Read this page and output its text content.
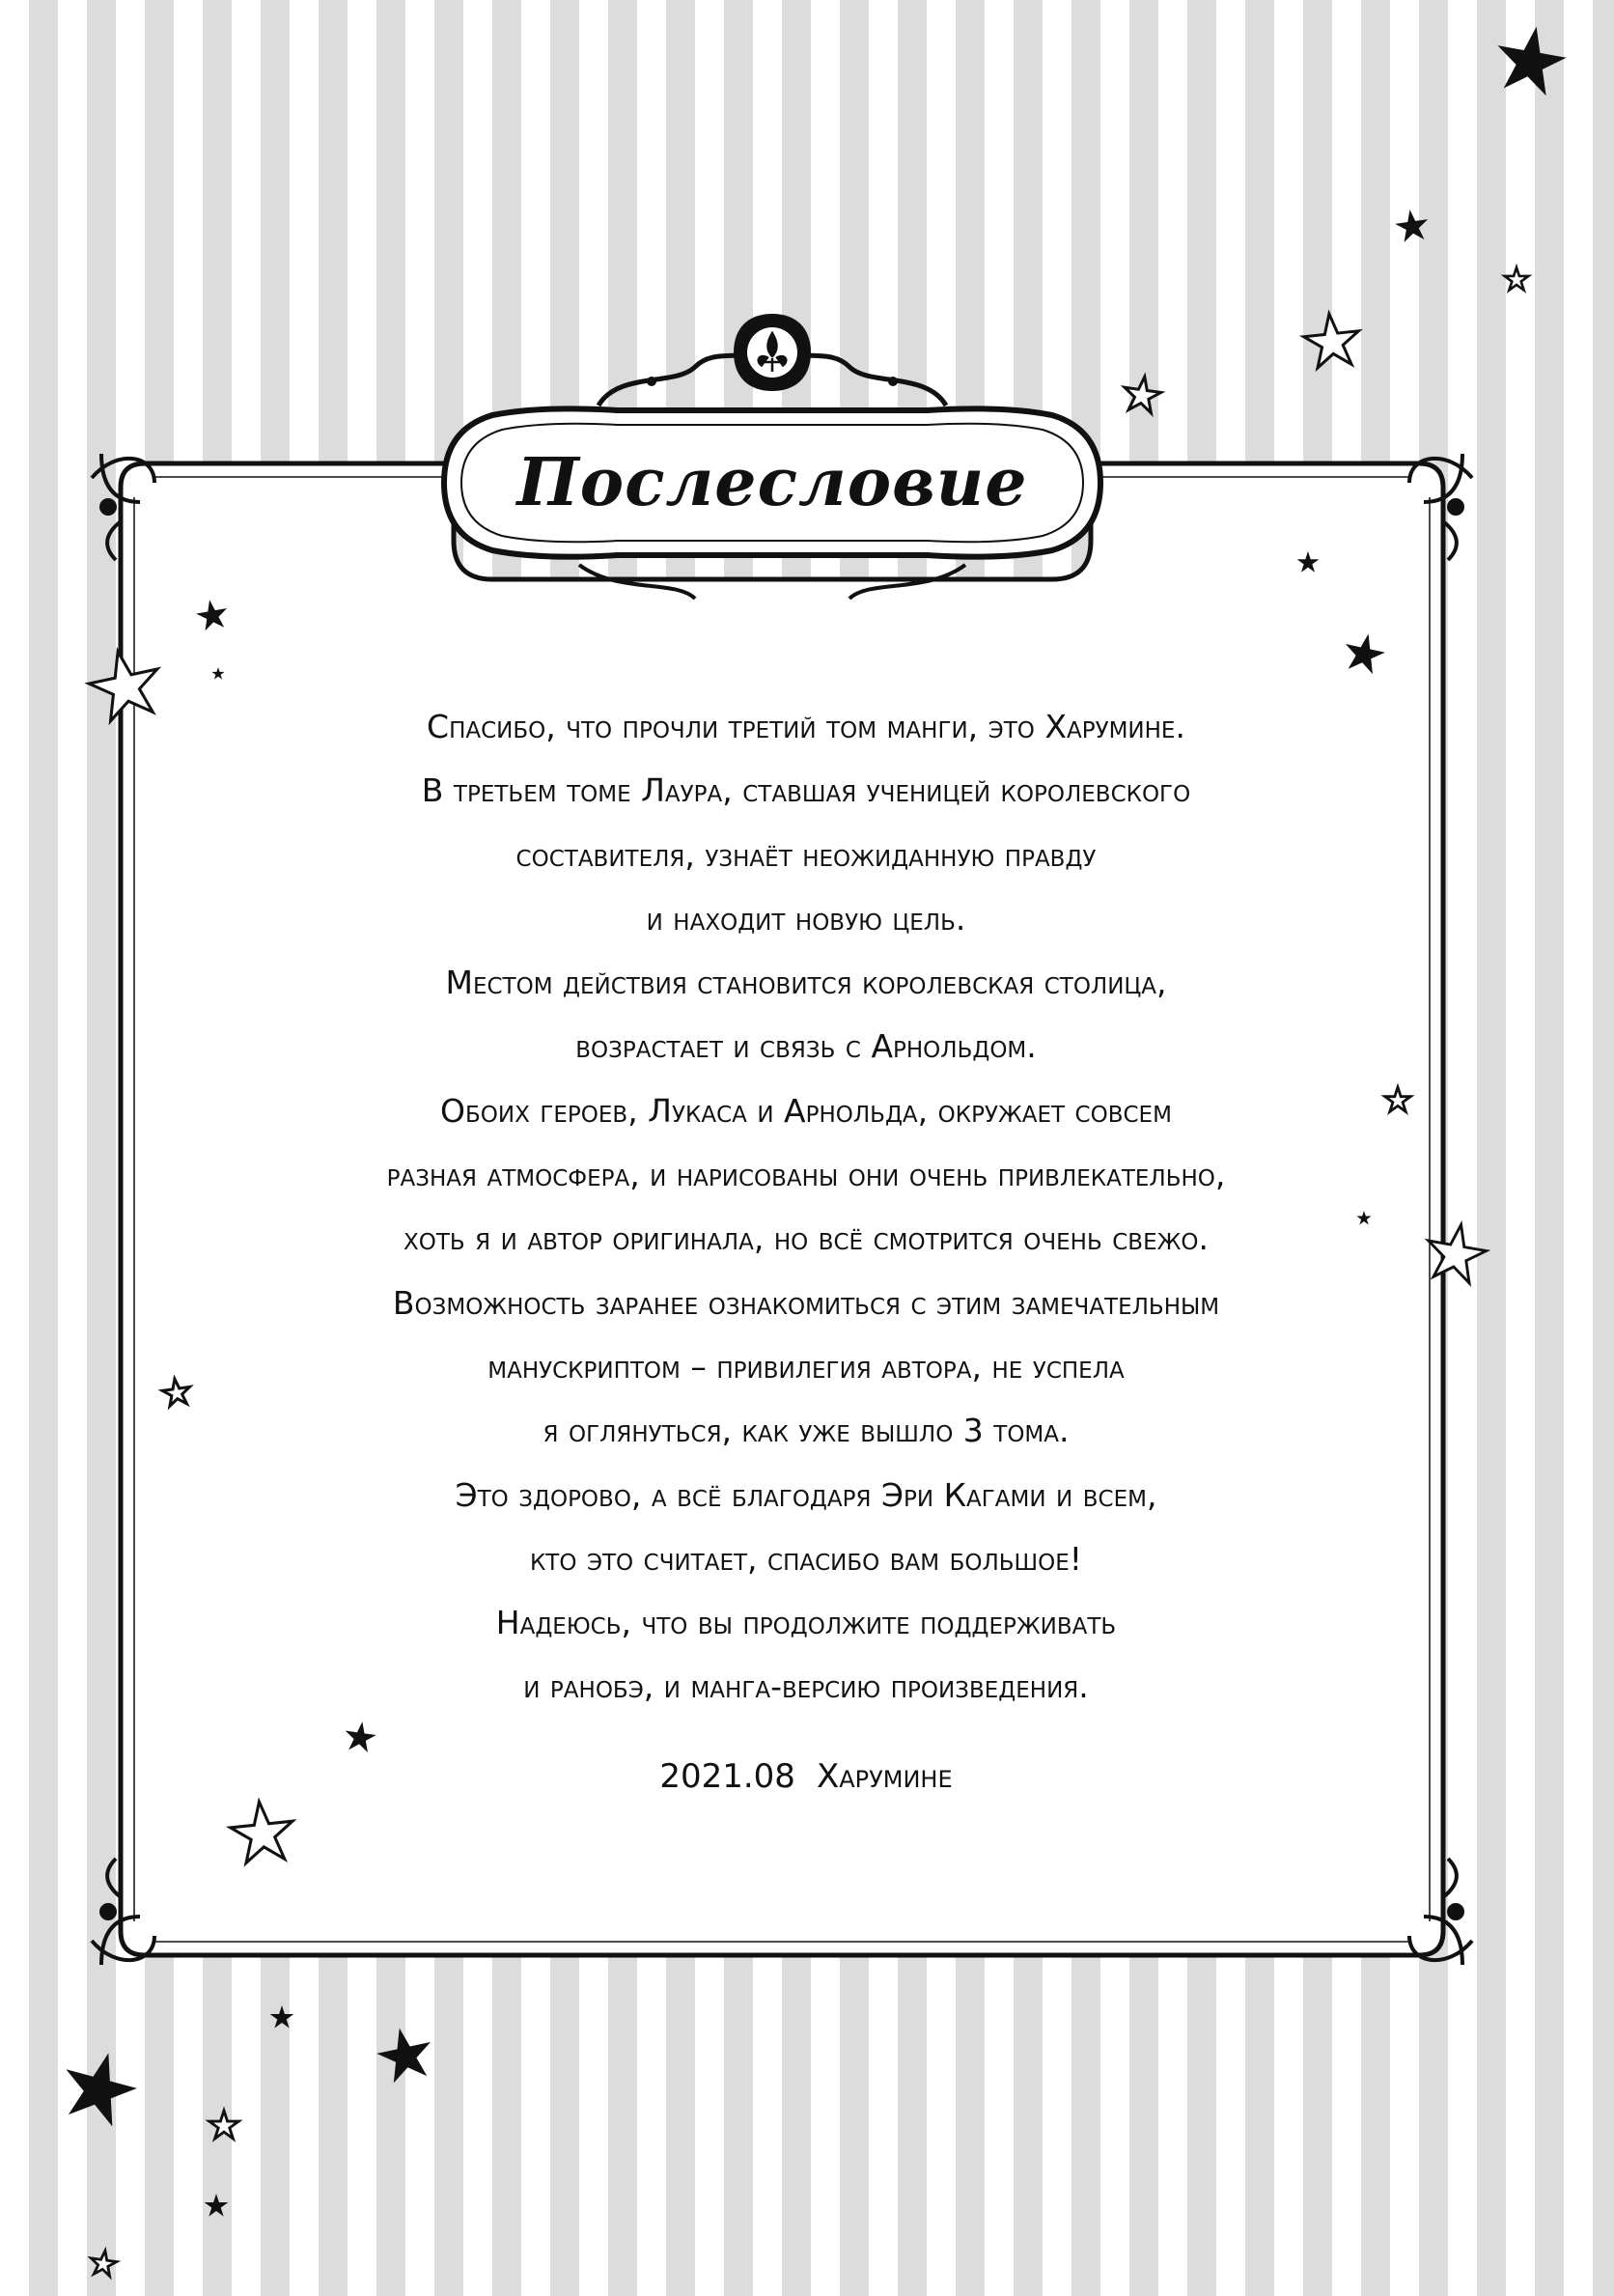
Послесловие
Спасибо, что прочли третий том манги, это Харумине.
В третьем томе Лаура, ставшая ученицей королевского
составителя, узнаёт неожиданную правду
и находит новую цель.
Местом действия становится королевская столица,
возрастает и связь с Арнольдом.
Обоих героев, Лукаса и Арнольда, окружает совсем
разная атмосфера, и нарисованы они очень привлекательно,
хоть я и автор оригинала, но всё смотрится очень свежо.
Возможность заранее ознакомиться с этим замечательным
манускриптом – привилегия автора, не успела
я оглянуться, как уже вышло 3 тома.
Это здорово, а всё благодаря Эри Кагами и всем,
кто это считает, спасибо вам большое!
Надеюсь, что вы продолжите поддерживать
и ранобэ, и манга-версию произведения.
2021.08 Харумине
